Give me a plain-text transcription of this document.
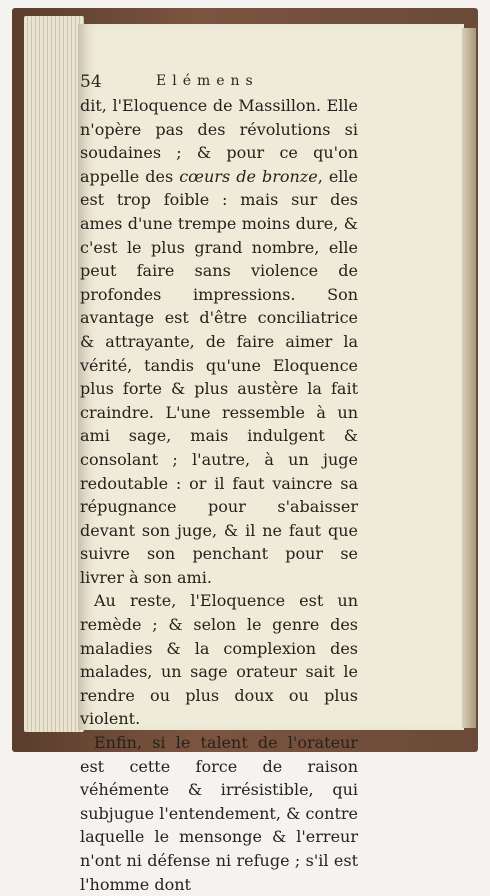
54	Elémens

dit, l'Eloquence de Massillon. Elle n'opère pas des révolutions si soudaines ; & pour ce qu'on appelle des cœurs de bronze, elle est trop foible : mais sur des ames d'une trempe moins dure, & c'est le plus grand nombre, elle peut faire sans violence de profondes impressions. Son avantage est d'être conciliatrice & attrayante, de faire aimer la vérité, tandis qu'une Eloquence plus forte & plus austère la fait craindre. L'une ressemble à un ami sage, mais indulgent & consolant ; l'autre, à un juge redoutable : or il faut vaincre sa répugnance pour s'abaisser devant son juge, & il ne faut que suivre son penchant pour se livrer à son ami.

Au reste, l'Eloquence est un remède ; & selon le genre des maladies & la complexion des malades, un sage orateur sait le rendre ou plus doux ou plus violent.

Enfin, si le talent de l'orateur est cette force de raison véhémente & irrésistible, qui subjugue l'entendement, & contre laquelle le mensonge & l'erreur n'ont ni défense ni refuge ; s'il est l'homme dont
